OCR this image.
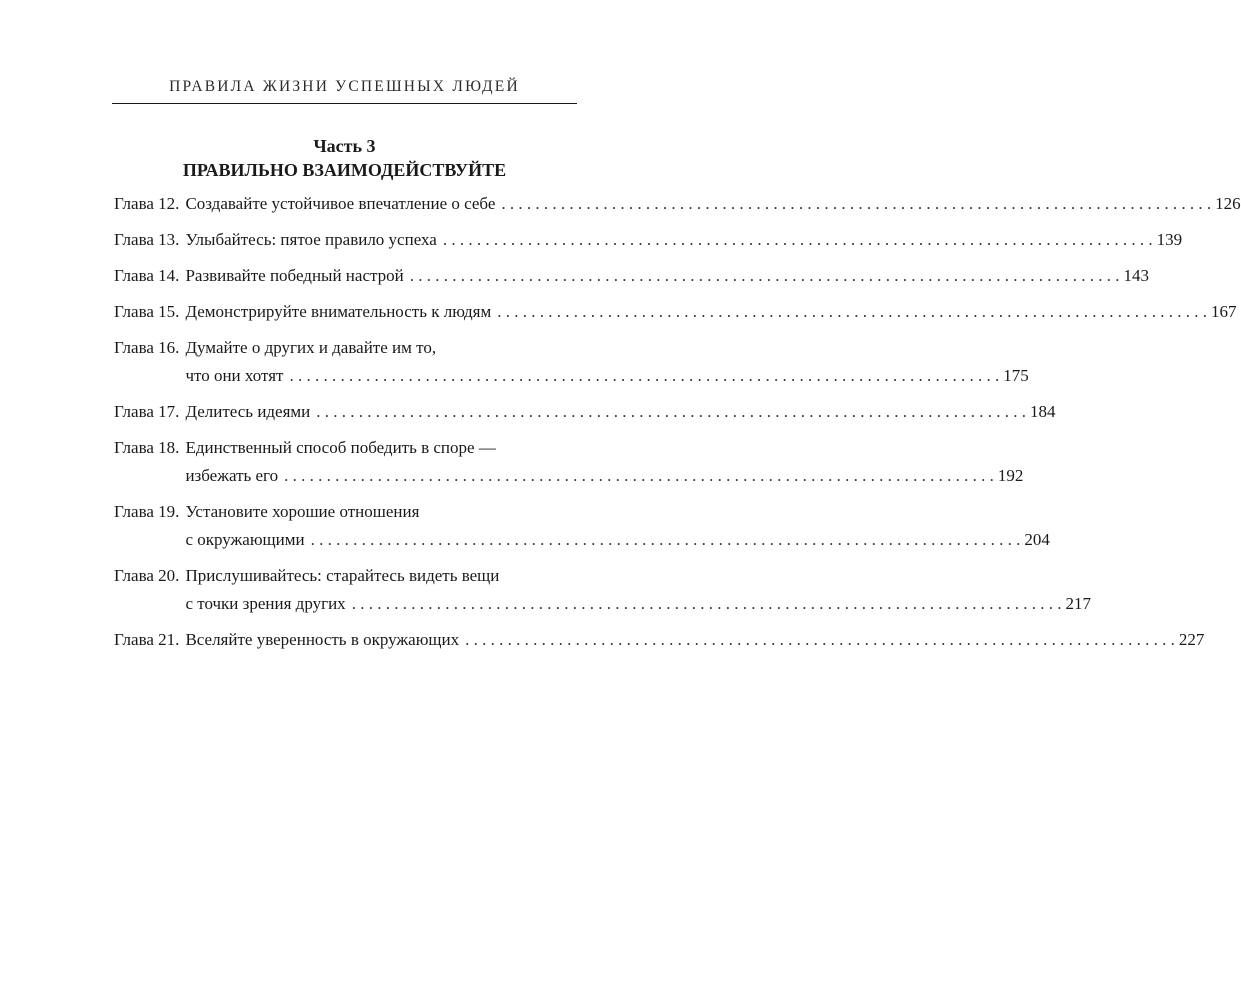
ПРАВИЛА ЖИЗНИ УСПЕШНЫХ ЛЮДЕЙ
Часть 3
ПРАВИЛЬНО ВЗАИМОДЕЙСТВУЙТЕ
Глава 12. Создавайте устойчивое впечатление о себе . . .	126
Глава 13. Улыбайтесь: пятое правило успеха . . .	139
Глава 14. Развивайте победный настрой . . .	143
Глава 15. Демонстрируйте внимательность к людям . . .	167
Глава 16. Думайте о других и давайте им то,
что они хотят . . .	175
Глава 17. Делитесь идеями . . .	184
Глава 18. Единственный способ победить в споре —
избежать его . . .	192
Глава 19. Установите хорошие отношения
с окружающими . . .	204
Глава 20. Прислушивайтесь: старайтесь видеть вещи
с точки зрения других . . .	217
Глава 21. Вселяйте уверенность в окружающих . . .	227
